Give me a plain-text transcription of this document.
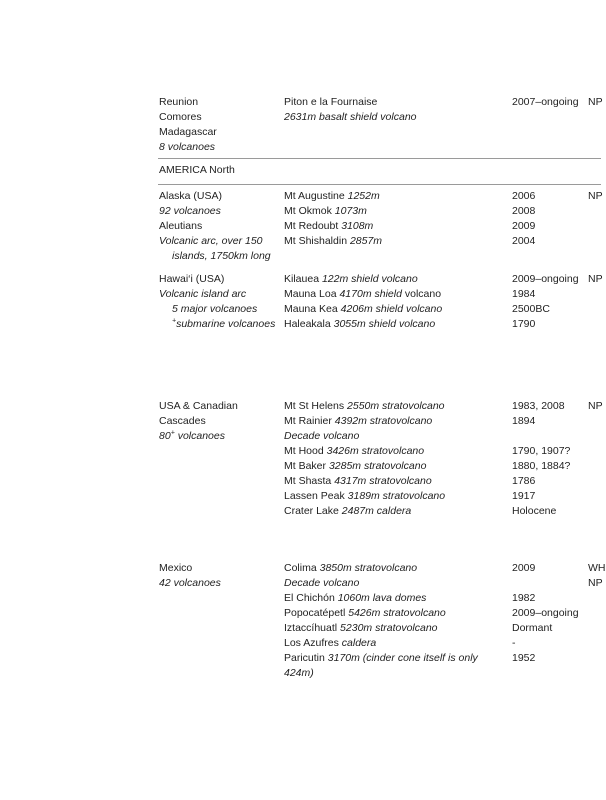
Reunion
Comores
Madagascar
8 volcanoes
Piton e la Fournaise
2631m basalt shield volcano
2007–ongoing NP
AMERICA North
Alaska (USA)
92 volcanoes
Aleutians
Volcanic arc, over 150
islands, 1750km long
Mt Augustine 1252m
Mt Okmok 1073m
Mt Redoubt 3108m
Mt Shishaldin 2857m
2006
2008
2009
2004
NP
Hawai‘i (USA)
Volcanic island arc
5 major volcanoes
+submarine volcanoes
Kilauea 122m shield volcano
Mauna Loa 4170m shield volcano
Mauna Kea 4206m shield volcano
Haleakala 3055m shield volcano
2009–ongoing
1984
2500BC
1790
NP
USA & Canadian
Cascades
80+ volcanoes
Mt St Helens 2550m stratovolcano
Mt Rainier 4392m stratovolcano
Decade volcano
Mt Hood 3426m stratovolcano
Mt Baker 3285m stratovolcano
Mt Shasta 4317m stratovolcano
Lassen Peak 3189m stratovolcano
Crater Lake 2487m caldera
1983, 2008
1894

1790, 1907?
1880, 1884?
1786
1917
Holocene
NP
Mexico
42 volcanoes
Colima 3850m stratovolcano
Decade volcano
El Chichón 1060m lava domes
Popocatépetl 5426m stratovolcano
Iztaccíhuatl 5230m stratovolcano
Los Azufres caldera
Paricutin 3170m (cinder cone itself is only 424m)
2009

1982
2009–ongoing
Dormant
-
1952
WH
NP
